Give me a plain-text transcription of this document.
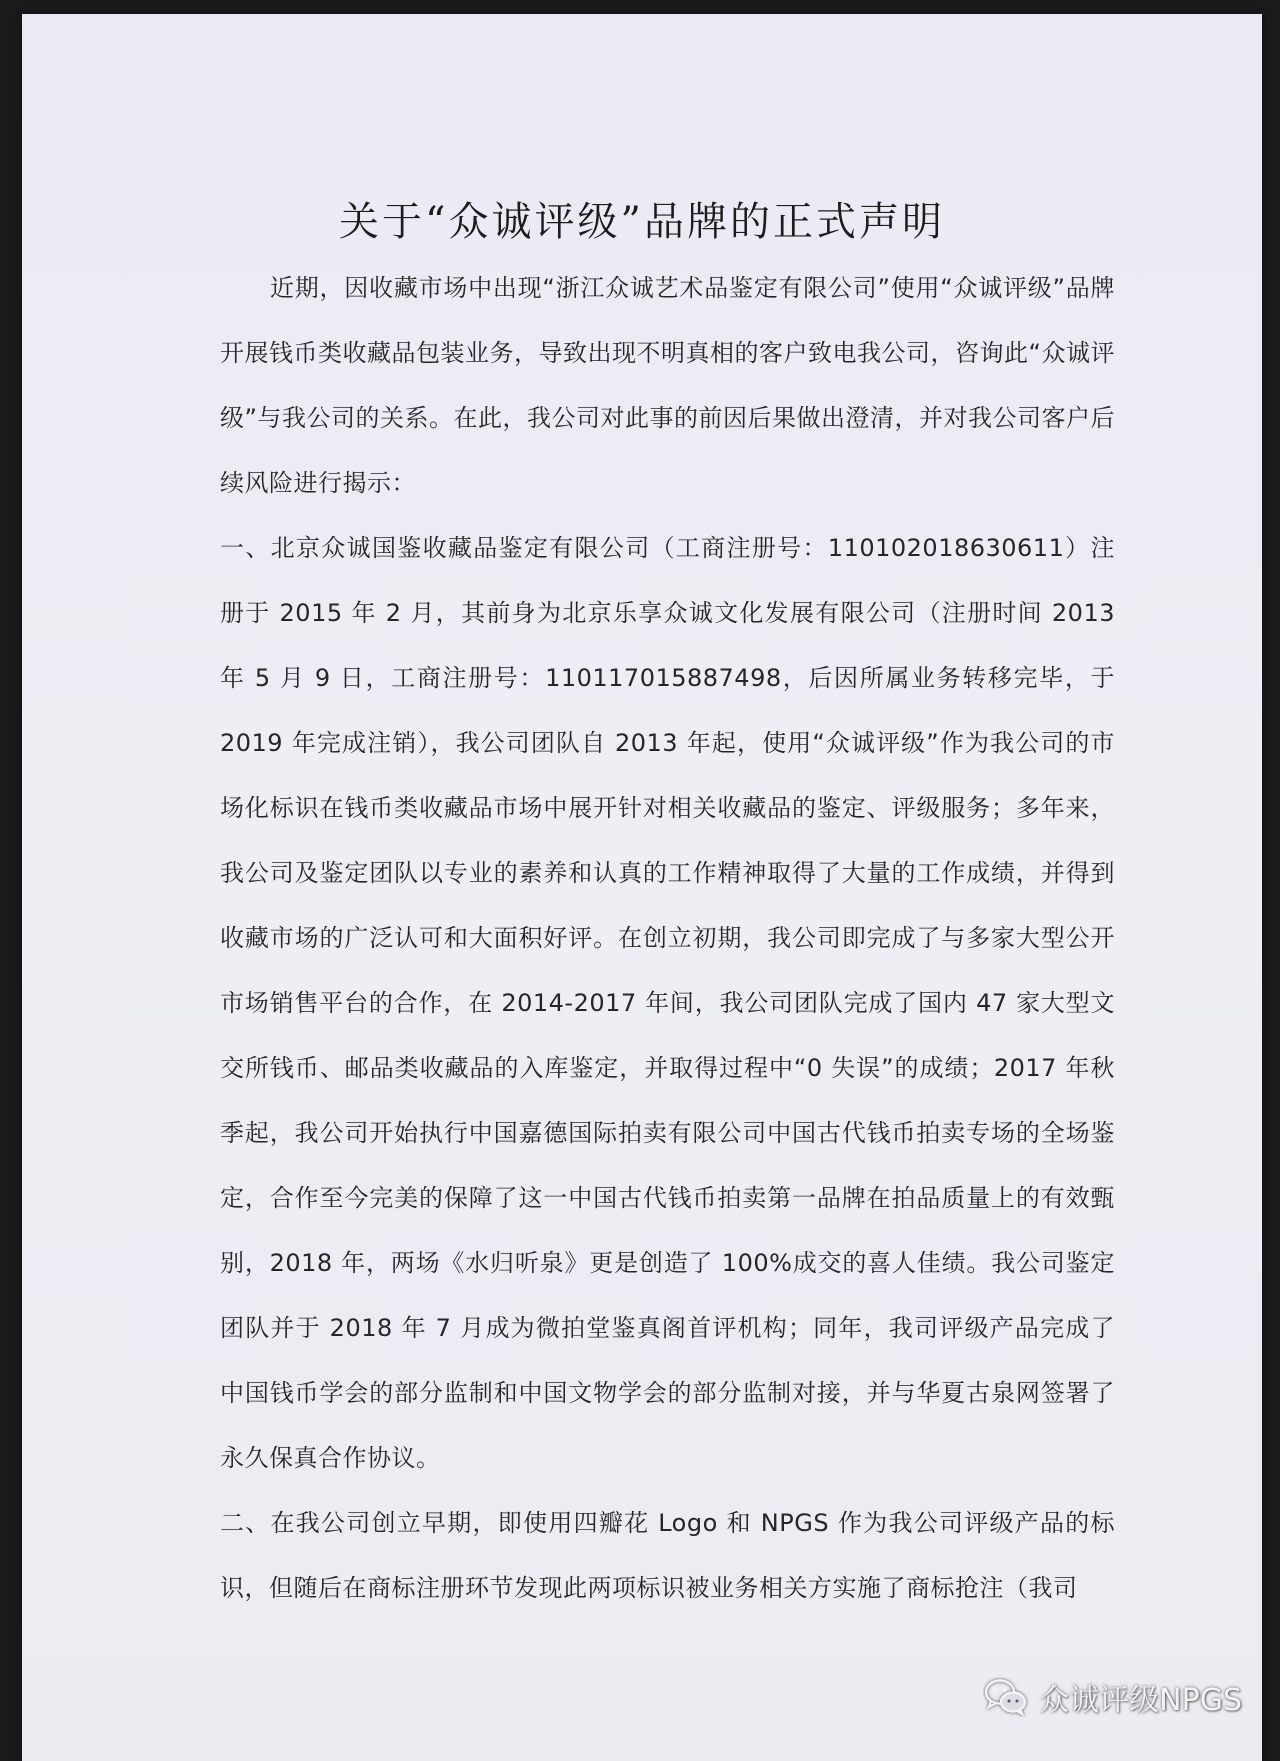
关于“众诚评级”品牌的正式声明

近期，因收藏市场中出现“浙江众诚艺术品鉴定有限公司”使用“众诚评级”品牌开展钱币类收藏品包装业务，导致出现不明真相的客户致电我公司，咨询此“众诚评级”与我公司的关系。在此，我公司对此事的前因后果做出澄清，并对我公司客户后续风险进行揭示：

一、北京众诚国鉴收藏品鉴定有限公司（工商注册号：110102018630611）注册于 2015 年 2 月，其前身为北京乐享众诚文化发展有限公司（注册时间 2013 年 5 月 9 日，工商注册号：110117015887498，后因所属业务转移完毕，于 2019 年完成注销），我公司团队自 2013 年起，使用“众诚评级”作为我公司的市场化标识在钱币类收藏品市场中展开针对相关收藏品的鉴定、评级服务；多年来，我公司及鉴定团队以专业的素养和认真的工作精神取得了大量的工作成绩，并得到收藏市场的广泛认可和大面积好评。在创立初期，我公司即完成了与多家大型公开市场销售平台的合作，在 2014-2017 年间，我公司团队完成了国内 47 家大型文交所钱币、邮品类收藏品的入库鉴定，并取得过程中“0 失误”的成绩；2017 年秋季起，我公司开始执行中国嘉德国际拍卖有限公司中国古代钱币拍卖专场的全场鉴定，合作至今完美的保障了这一中国古代钱币拍卖第一品牌在拍品质量上的有效甄别，2018 年，两场《水归听泉》更是创造了 100%成交的喜人佳绩。我公司鉴定团队并于 2018 年 7 月成为微拍堂鉴真阁首评机构；同年，我司评级产品完成了中国钱币学会的部分监制和中国文物学会的部分监制对接，并与华夏古泉网签署了永久保真合作协议。

二、在我公司创立早期，即使用四瓣花 Logo 和 NPGS 作为我公司评级产品的标识，但随后在商标注册环节发现此两项标识被业务相关方实施了商标抢注（我司

众诚评级NPGS
